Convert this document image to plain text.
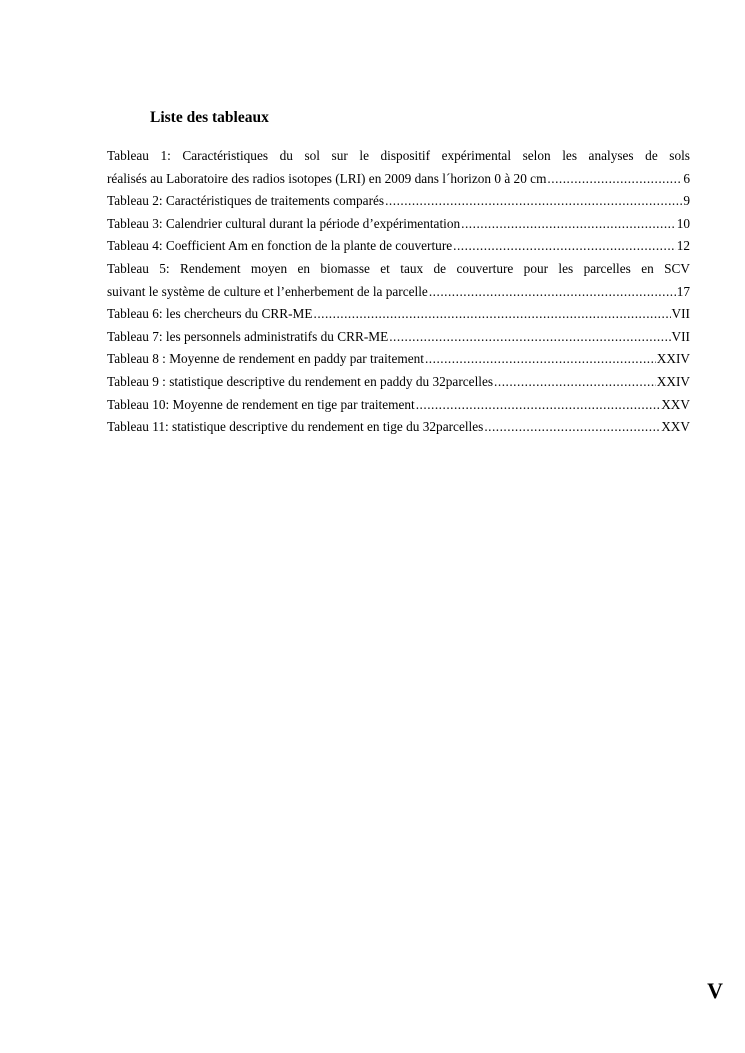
Liste des tableaux
Tableau 1: Caractéristiques du sol sur le dispositif expérimental selon les analyses de sols
réalisés au Laboratoire des radios isotopes (LRI) en 2009 dans l´horizon 0 à 20 cm .....	6
Tableau 2: Caractéristiques de traitements comparés .....	9
Tableau 3: Calendrier cultural durant la période d’expérimentation .....	10
Tableau 4: Coefficient Am en fonction de la plante de couverture .....	12
Tableau 5: Rendement moyen en biomasse et taux de couverture pour les parcelles en SCV
suivant le système de culture et l’enherbement de la parcelle .....	17
Tableau 6: les chercheurs du CRR-ME .....	VII
Tableau 7: les personnels administratifs du CRR-ME .....	VII
Tableau 8 : Moyenne de rendement en paddy par traitement .....	XXIV
Tableau 9 : statistique descriptive du rendement en paddy du 32parcelles .....	XXIV
Tableau 10: Moyenne de rendement en tige par traitement .....	XXV
Tableau 11: statistique descriptive du rendement en tige du 32parcelles .....	XXV
V
